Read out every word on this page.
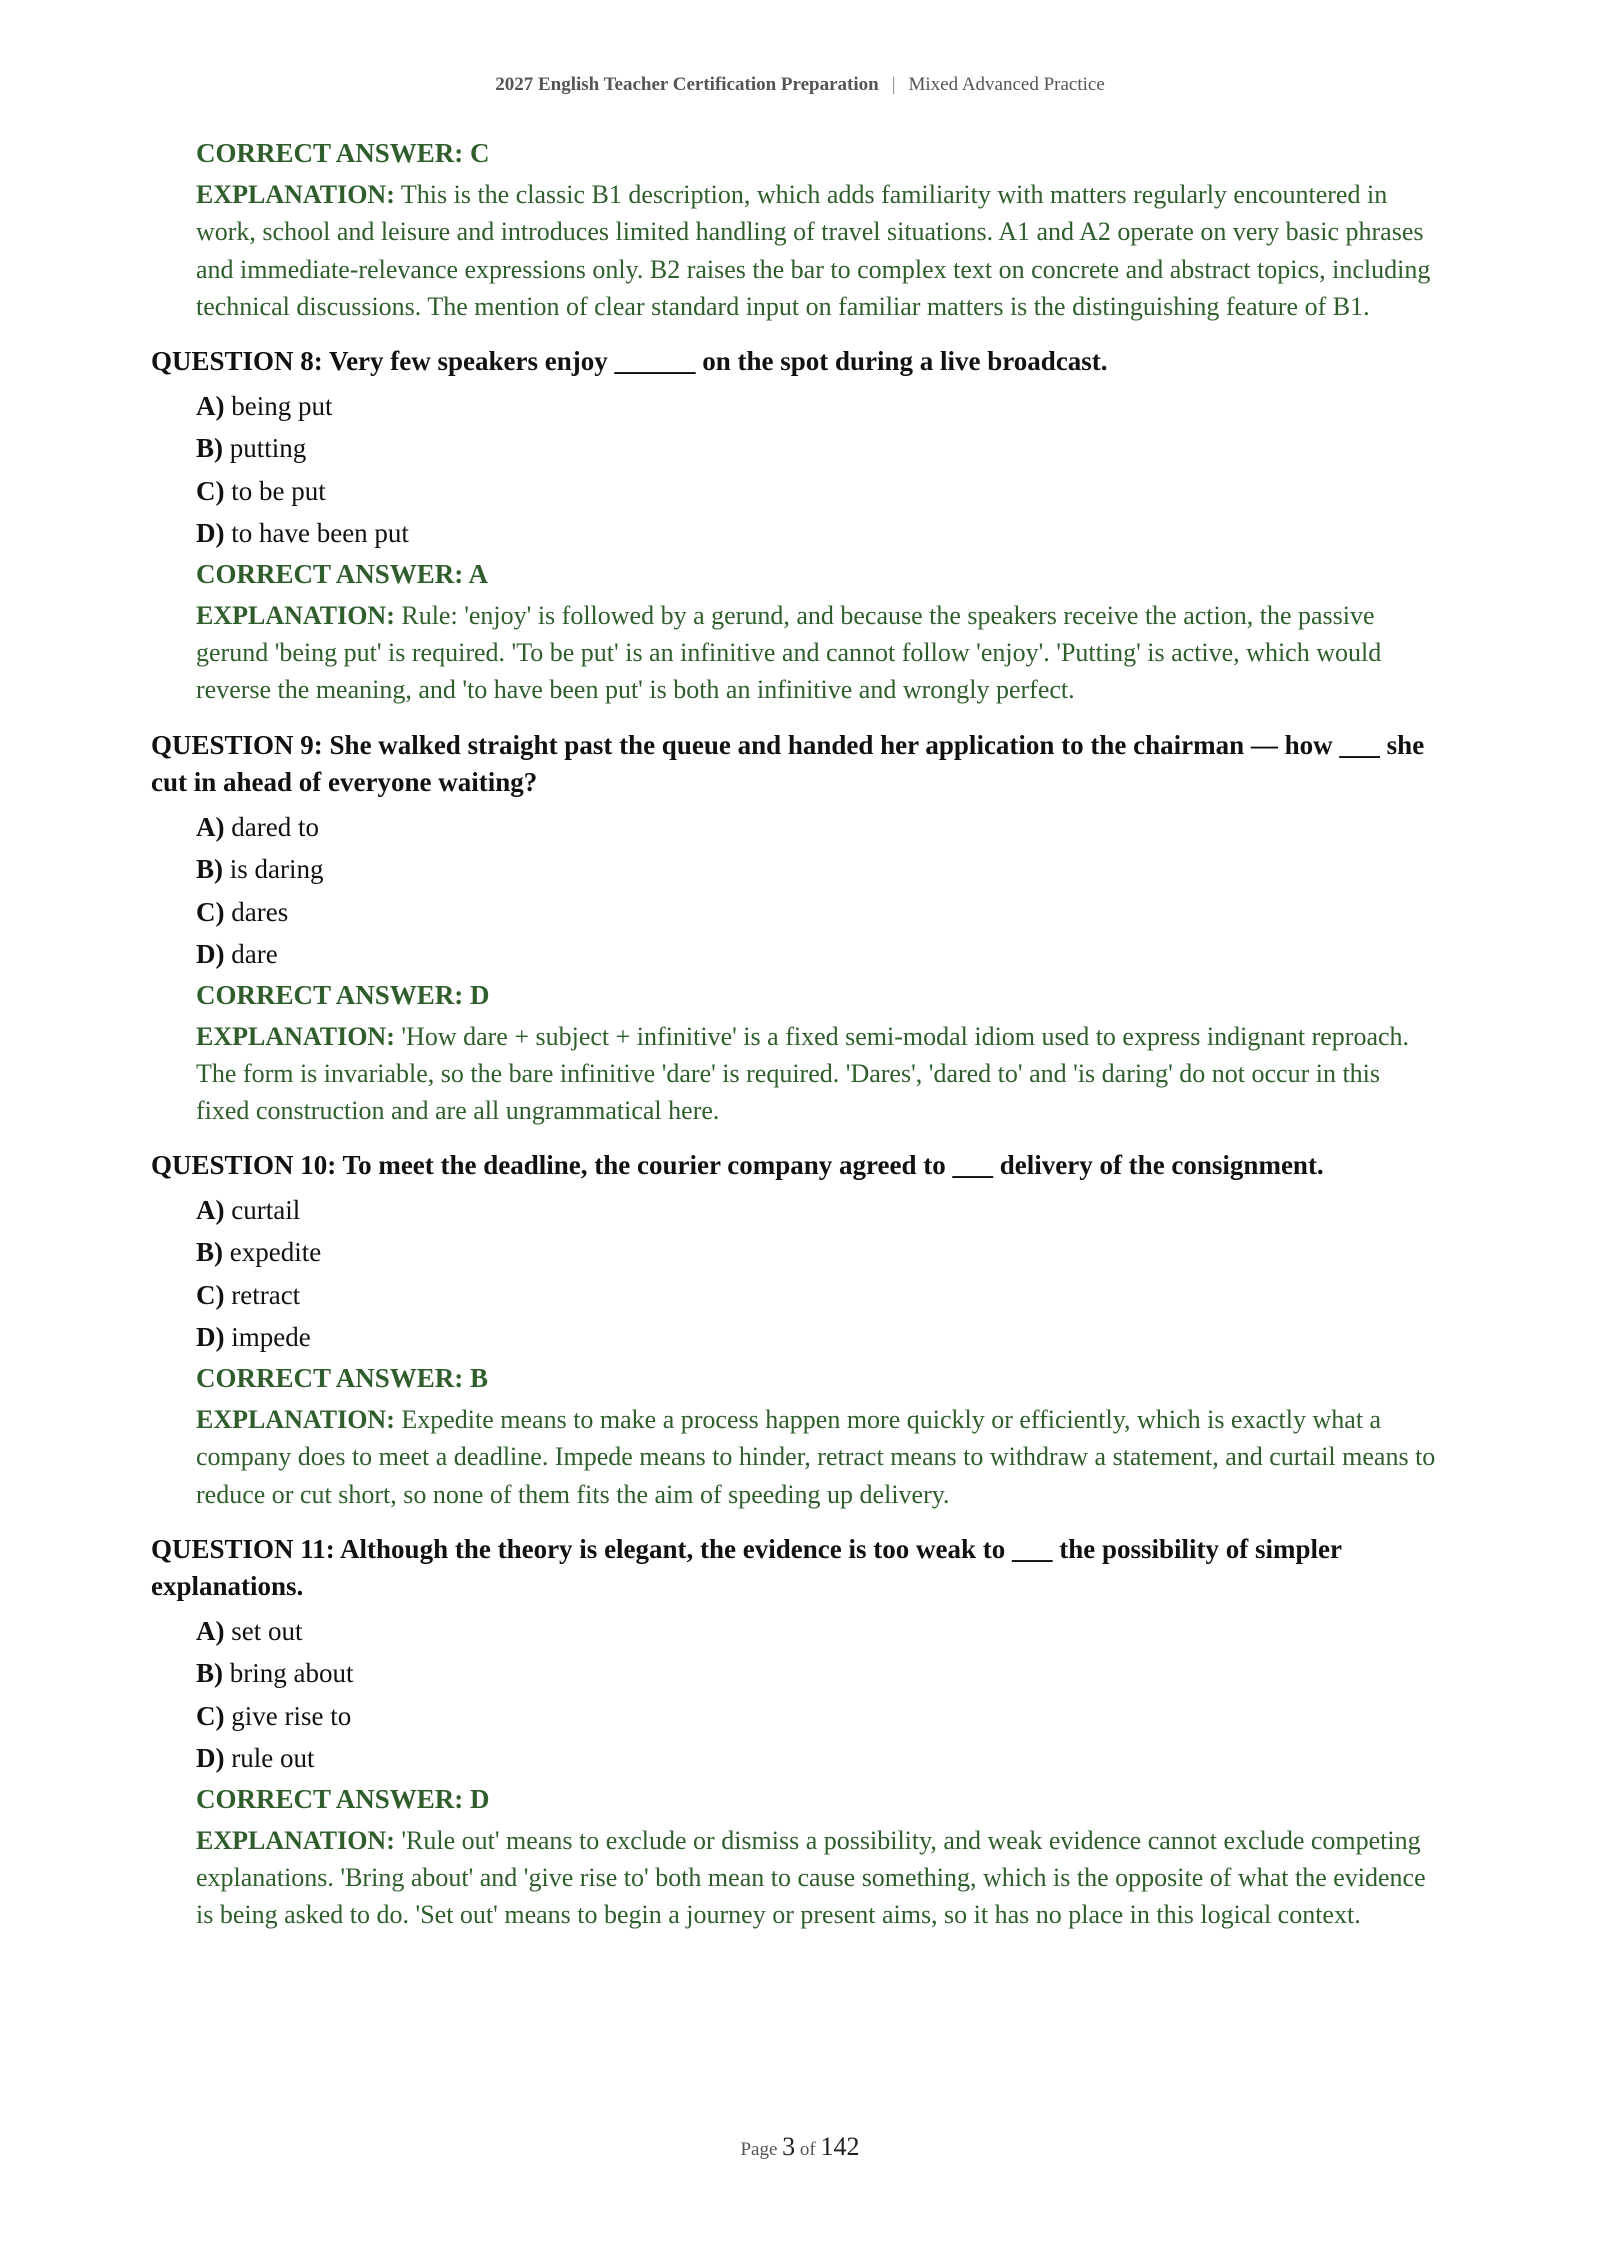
2027 English Teacher Certification Preparation | Mixed Advanced Practice
CORRECT ANSWER: C
EXPLANATION: This is the classic B1 description, which adds familiarity with matters regularly encountered in work, school and leisure and introduces limited handling of travel situations. A1 and A2 operate on very basic phrases and immediate-relevance expressions only. B2 raises the bar to complex text on concrete and abstract topics, including technical discussions. The mention of clear standard input on familiar matters is the distinguishing feature of B1.
QUESTION 8: Very few speakers enjoy ______ on the spot during a live broadcast.
A) being put
B) putting
C) to be put
D) to have been put
CORRECT ANSWER: A
EXPLANATION: Rule: 'enjoy' is followed by a gerund, and because the speakers receive the action, the passive gerund 'being put' is required. 'To be put' is an infinitive and cannot follow 'enjoy'. 'Putting' is active, which would reverse the meaning, and 'to have been put' is both an infinitive and wrongly perfect.
QUESTION 9: She walked straight past the queue and handed her application to the chairman — how ___ she cut in ahead of everyone waiting?
A) dared to
B) is daring
C) dares
D) dare
CORRECT ANSWER: D
EXPLANATION: 'How dare + subject + infinitive' is a fixed semi-modal idiom used to express indignant reproach. The form is invariable, so the bare infinitive 'dare' is required. 'Dares', 'dared to' and 'is daring' do not occur in this fixed construction and are all ungrammatical here.
QUESTION 10: To meet the deadline, the courier company agreed to ___ delivery of the consignment.
A) curtail
B) expedite
C) retract
D) impede
CORRECT ANSWER: B
EXPLANATION: Expedite means to make a process happen more quickly or efficiently, which is exactly what a company does to meet a deadline. Impede means to hinder, retract means to withdraw a statement, and curtail means to reduce or cut short, so none of them fits the aim of speeding up delivery.
QUESTION 11: Although the theory is elegant, the evidence is too weak to ___ the possibility of simpler explanations.
A) set out
B) bring about
C) give rise to
D) rule out
CORRECT ANSWER: D
EXPLANATION: 'Rule out' means to exclude or dismiss a possibility, and weak evidence cannot exclude competing explanations. 'Bring about' and 'give rise to' both mean to cause something, which is the opposite of what the evidence is being asked to do. 'Set out' means to begin a journey or present aims, so it has no place in this logical context.
Page 3 of 142
